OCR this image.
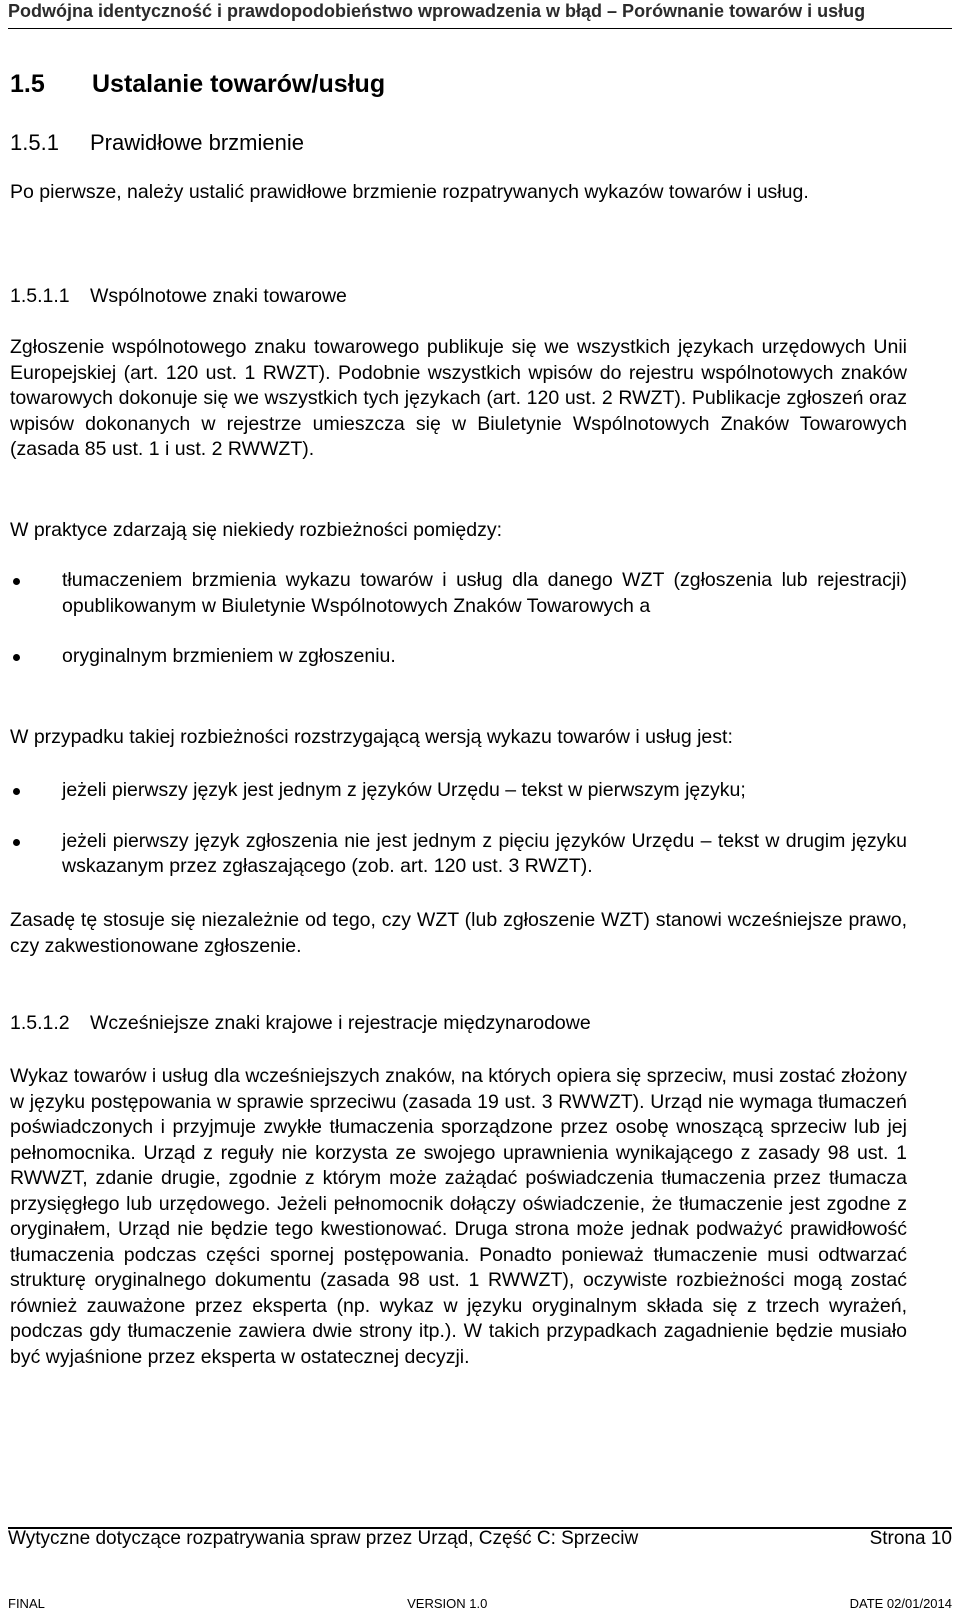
Podwójna identyczność i prawdopodobieństwo wprowadzenia w błąd – Porównanie towarów i usług
1.5 Ustalanie towarów/usług
1.5.1 Prawidłowe brzmienie

Po pierwsze, należy ustalić prawidłowe brzmienie rozpatrywanych wykazów towarów i usług.

1.5.1.1 Wspólnotowe znaki towarowe

Zgłoszenie wspólnotowego znaku towarowego publikuje się we wszystkich językach urzędowych Unii Europejskiej (art. 120 ust. 1 RWZT). Podobnie wszystkich wpisów do rejestru wspólnotowych znaków towarowych dokonuje się we wszystkich tych językach (art. 120 ust. 2 RWZT). Publikacje zgłoszeń oraz wpisów dokonanych w rejestrze umieszcza się w Biuletynie Wspólnotowych Znaków Towarowych (zasada 85 ust. 1 i ust. 2 RWWZT).

W praktyce zdarzają się niekiedy rozbieżności pomiędzy:

tłumaczeniem brzmienia wykazu towarów i usług dla danego WZT (zgłoszenia lub rejestracji) opublikowanym w Biuletynie Wspólnotowych Znaków Towarowych a
oryginalnym brzmieniem w zgłoszeniu.

W przypadku takiej rozbieżności rozstrzygającą wersją wykazu towarów i usług jest:

jeżeli pierwszy język jest jednym z języków Urzędu – tekst w pierwszym języku;
jeżeli pierwszy język zgłoszenia nie jest jednym z pięciu języków Urzędu – tekst w drugim języku wskazanym przez zgłaszającego (zob. art. 120 ust. 3 RWZT).

Zasadę tę stosuje się niezależnie od tego, czy WZT (lub zgłoszenie WZT) stanowi wcześniejsze prawo, czy zakwestionowane zgłoszenie.

1.5.1.2 Wcześniejsze znaki krajowe i rejestracje międzynarodowe

Wykaz towarów i usług dla wcześniejszych znaków, na których opiera się sprzeciw, musi zostać złożony w języku postępowania w sprawie sprzeciwu (zasada 19 ust. 3 RWWZT). Urząd nie wymaga tłumaczeń poświadczonych i przyjmuje zwykłe tłumaczenia sporządzone przez osobę wnoszącą sprzeciw lub jej pełnomocnika. Urząd z reguły nie korzysta ze swojego uprawnienia wynikającego z zasady 98 ust. 1 RWWZT, zdanie drugie, zgodnie z którym może zażądać poświadczenia tłumaczenia przez tłumacza przysięgłego lub urzędowego. Jeżeli pełnomocnik dołączy oświadczenie, że tłumaczenie jest zgodne z oryginałem, Urząd nie będzie tego kwestionować. Druga strona może jednak podważyć prawidłowość tłumaczenia podczas części spornej postępowania. Ponadto ponieważ tłumaczenie musi odtwarzać strukturę oryginalnego dokumentu (zasada 98 ust. 1 RWWZT), oczywiste rozbieżności mogą zostać również zauważone przez eksperta (np. wykaz w języku oryginalnym składa się z trzech wyrażeń, podczas gdy tłumaczenie zawiera dwie strony itp.). W takich przypadkach zagadnienie będzie musiało być wyjaśnione przez eksperta w ostatecznej decyzji.

Wytyczne dotyczące rozpatrywania spraw przez Urząd, Część C: Sprzeciw	Strona 10
FINAL	VERSION 1.0	DATE 02/01/2014
